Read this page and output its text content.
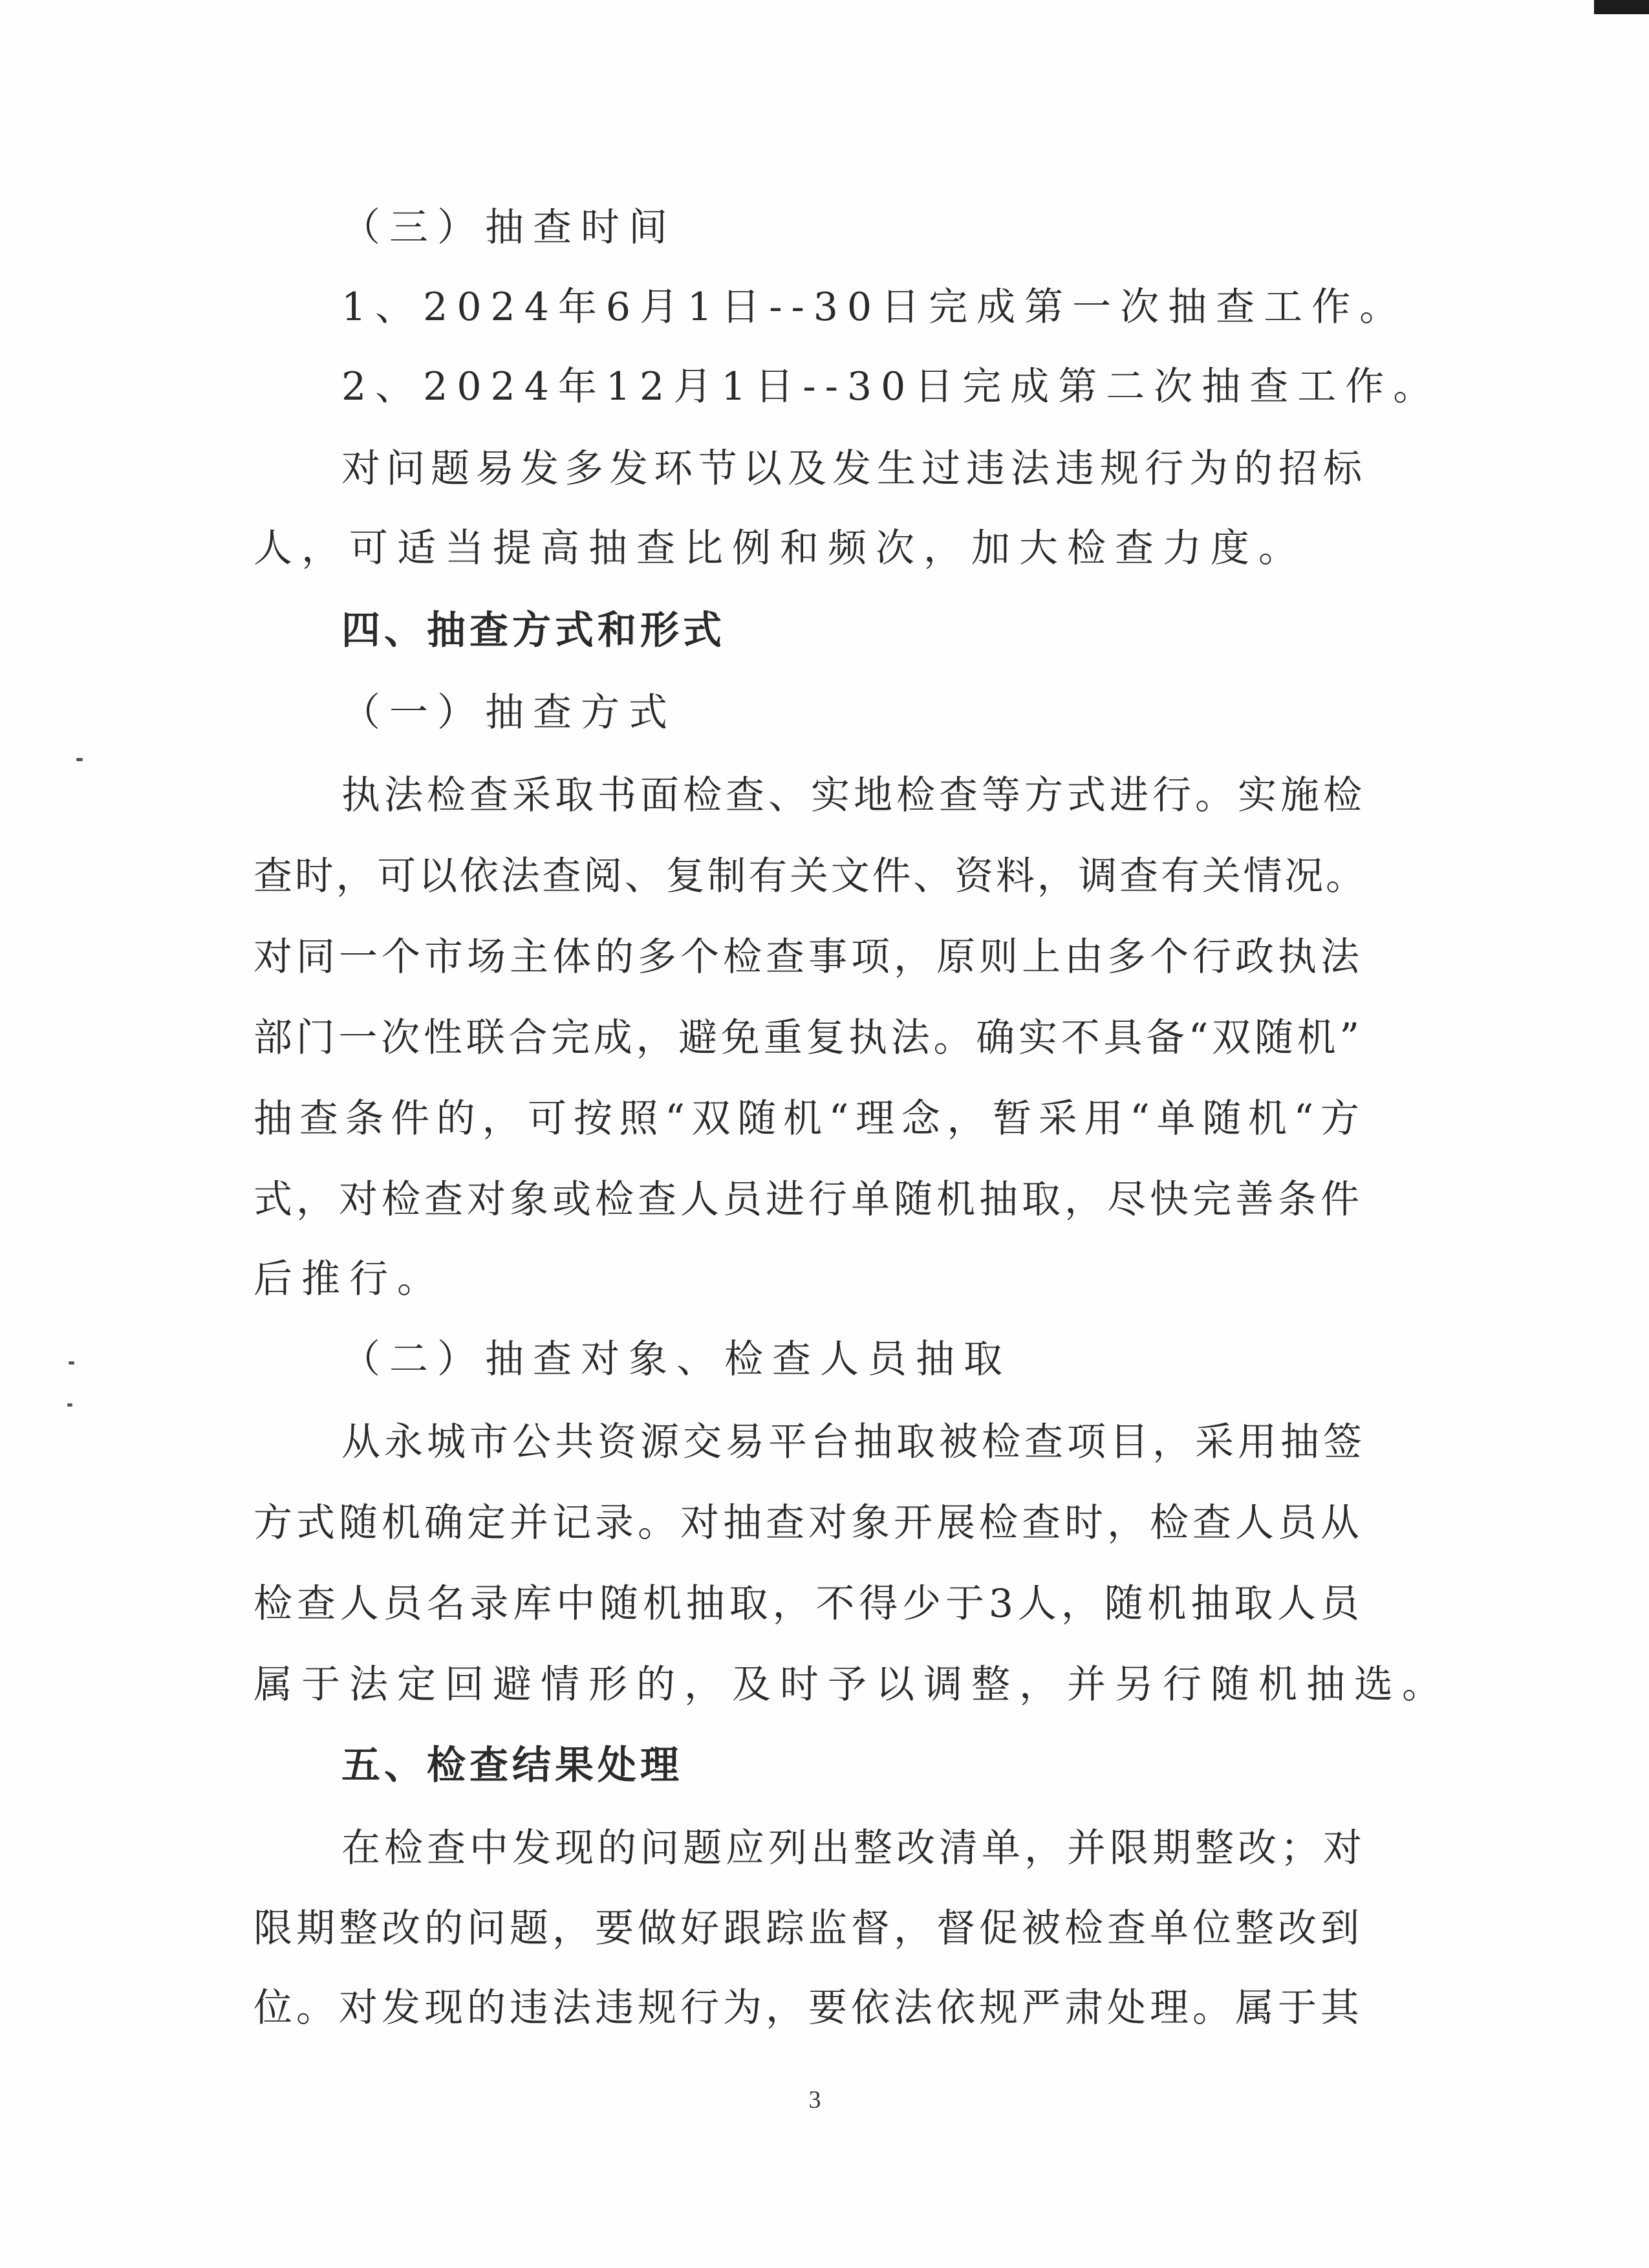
（三）抽查时间
1、2024年6月1日--30日完成第一次抽查工作。
2、2024年12月1日--30日完成第二次抽查工作。
对问题易发多发环节以及发生过违法违规行为的招标
人，可适当提高抽查比例和频次，加大检查力度。
四、抽查方式和形式
（一）抽查方式
执法检查采取书面检查、实地检查等方式进行。实施检
查时，可以依法查阅、复制有关文件、资料，调查有关情况。
对同一个市场主体的多个检查事项，原则上由多个行政执法
部门一次性联合完成，避免重复执法。确实不具备“双随机”
抽查条件的，可按照“双随机“理念，暂采用“单随机“方
式，对检查对象或检查人员进行单随机抽取，尽快完善条件
后推行。
（二）抽查对象、检查人员抽取
从永城市公共资源交易平台抽取被检查项目，采用抽签
方式随机确定并记录。对抽查对象开展检查时，检查人员从
检查人员名录库中随机抽取，不得少于3人，随机抽取人员
属于法定回避情形的，及时予以调整，并另行随机抽选。
五、检查结果处理
在检查中发现的问题应列出整改清单，并限期整改；对
限期整改的问题，要做好跟踪监督，督促被检查单位整改到
位。对发现的违法违规行为，要依法依规严肃处理。属于其
3
